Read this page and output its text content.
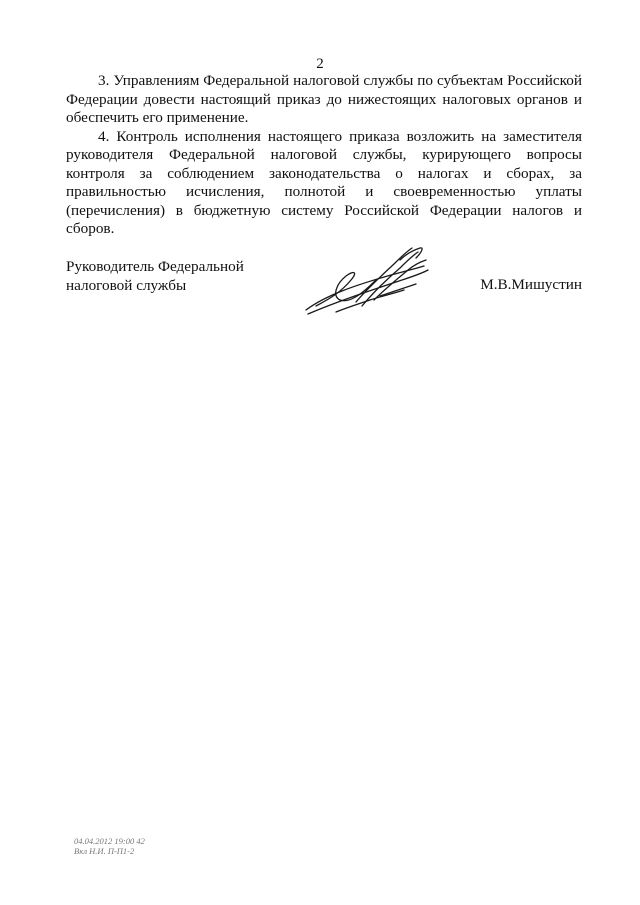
2

3. Управлениям Федеральной налоговой службы по субъектам Российской Федерации довести настоящий приказ до нижестоящих налоговых органов и обеспечить его применение.

4. Контроль исполнения настоящего приказа возложить на заместителя руководителя Федеральной налоговой службы, курирующего вопросы контроля за соблюдением законодательства о налогах и сборах, за правильностью исчисления, полнотой и своевременностью уплаты (перечисления) в бюджетную систему Российской Федерации налогов и сборов.

Руководитель Федеральной
налоговой службы	М.В.Мишустин
04.04.2012 19:00 42
Вкл Н.И. П-П1-2
